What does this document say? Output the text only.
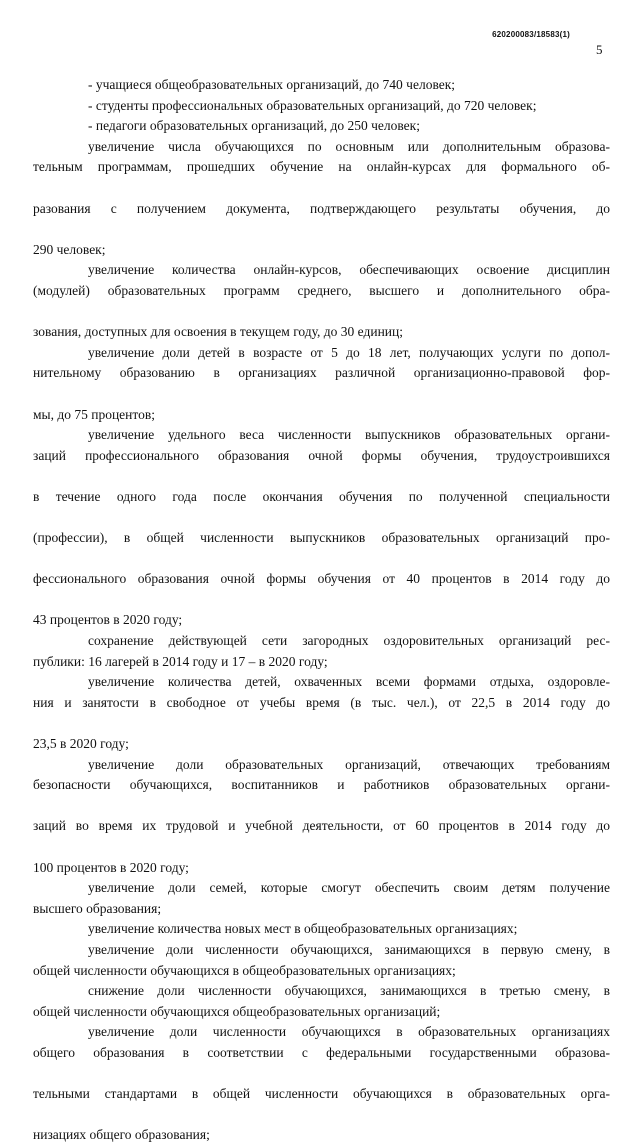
620200083/18583(1)
5
- учащиеся общеобразовательных организаций, до 740 человек;
- студенты профессиональных образовательных организаций, до 720 человек;
- педагоги образовательных организаций, до 250 человек;
увеличение числа обучающихся по основным или дополнительным образова-
тельным программам, прошедших обучение на онлайн-курсах для формального об-
разования с получением документа, подтверждающего результаты обучения, до
290 человек;
увеличение количества онлайн-курсов, обеспечивающих освоение дисциплин
(модулей) образовательных программ среднего, высшего и дополнительного обра-
зования, доступных для освоения в текущем году, до 30 единиц;
увеличение доли детей в возрасте от 5 до 18 лет, получающих услуги по допол-
нительному образованию в организациях различной организационно-правовой фор-
мы, до 75 процентов;
увеличение удельного веса численности выпускников образовательных органи-
заций профессионального образования очной формы обучения, трудоустроившихся
в течение одного года после окончания обучения по полученной специальности
(профессии), в общей численности выпускников образовательных организаций про-
фессионального образования очной формы обучения от 40 процентов в 2014 году до
43 процентов в 2020 году;
сохранение действующей сети загородных оздоровительных организаций рес-
публики: 16 лагерей в 2014 году и 17 – в 2020 году;
увеличение количества детей, охваченных всеми формами отдыха, оздоровле-
ния и занятости в свободное от учебы время (в тыс. чел.), от 22,5 в 2014 году до
23,5 в 2020 году;
увеличение доли образовательных организаций, отвечающих требованиям
безопасности обучающихся, воспитанников и работников образовательных органи-
заций во время их трудовой и учебной деятельности, от 60 процентов в 2014 году до
100 процентов в 2020 году;
увеличение доли семей, которые смогут обеспечить своим детям получение
высшего образования;
увеличение количества новых мест в общеобразовательных организациях;
увеличение доли численности обучающихся, занимающихся в первую смену, в
общей численности обучающихся в общеобразовательных организациях;
снижение доли численности обучающихся, занимающихся в третью смену, в
общей численности обучающихся общеобразовательных организаций;
увеличение доли численности обучающихся в образовательных организациях
общего образования в соответствии с федеральными государственными образова-
тельными стандартами в общей численности обучающихся в образовательных орга-
низациях общего образования;
